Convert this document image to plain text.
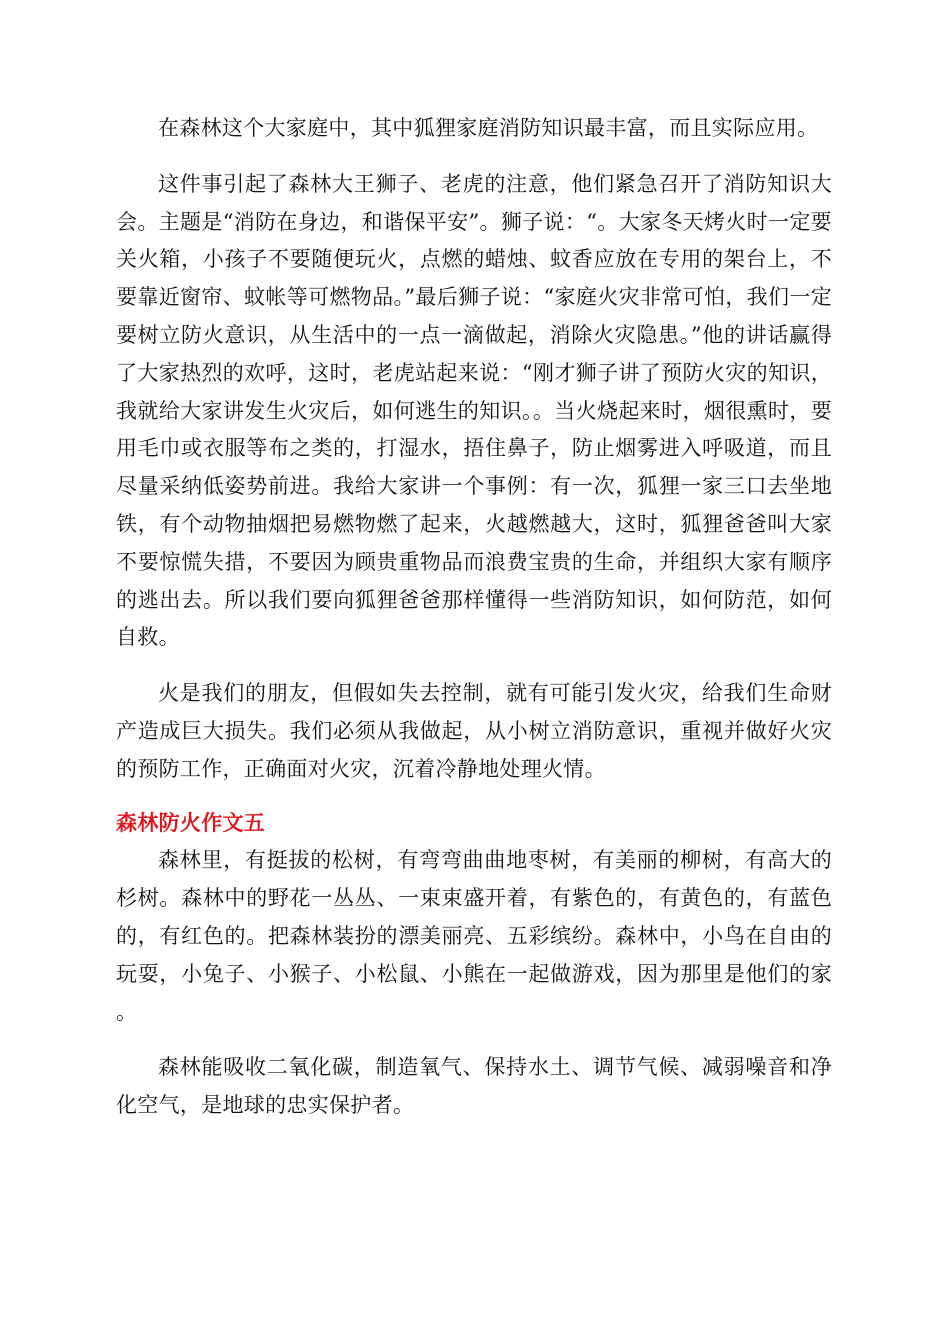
在森林这个大家庭中，其中狐狸家庭消防知识最丰富，而且实际应用。

这件事引起了森林大王狮子、老虎的注意，他们紧急召开了消防知识大会。主题是“消防在身边，和谐保平安”。狮子说：“。大家冬天烤火时一定要关火箱，小孩子不要随便玩火，点燃的蜡烛、蚊香应放在专用的架台上，不要靠近窗帘、蚊帐等可燃物品。”最后狮子说：“家庭火灾非常可怕，我们一定要树立防火意识，从生活中的一点一滴做起，消除火灾隐患。”他的讲话赢得了大家热烈的欢呼，这时，老虎站起来说：“刚才狮子讲了预防火灾的知识，我就给大家讲发生火灾后，如何逃生的知识。。当火烧起来时，烟很熏时，要用毛巾或衣服等布之类的，打湿水，捂住鼻子，防止烟雾进入呼吸道，而且尽量采纳低姿势前进。我给大家讲一个事例：有一次，狐狸一家三口去坐地铁，有个动物抽烟把易燃物燃了起来，火越燃越大，这时，狐狸爸爸叫大家不要惊慌失措，不要因为顾贵重物品而浪费宝贵的生命，并组织大家有顺序的逃出去。所以我们要向狐狸爸爸那样懂得一些消防知识，如何防范，如何自救。

火是我们的朋友，但假如失去控制，就有可能引发火灾，给我们生命财产造成巨大损失。我们必须从我做起，从小树立消防意识，重视并做好火灾的预防工作，正确面对火灾，沉着冷静地处理火情。

森林防火作文五

森林里，有挺拔的松树，有弯弯曲曲地枣树，有美丽的柳树，有高大的杉树。森林中的野花一丛丛、一束束盛开着，有紫色的，有黄色的，有蓝色的，有红色的。把森林装扮的漂美丽亮、五彩缤纷。森林中，小鸟在自由的玩耍，小兔子、小猴子、小松鼠、小熊在一起做游戏，因为那里是他们的家。

森林能吸收二氧化碳，制造氧气、保持水土、调节气候、减弱噪音和净化空气，是地球的忠实保护者。
